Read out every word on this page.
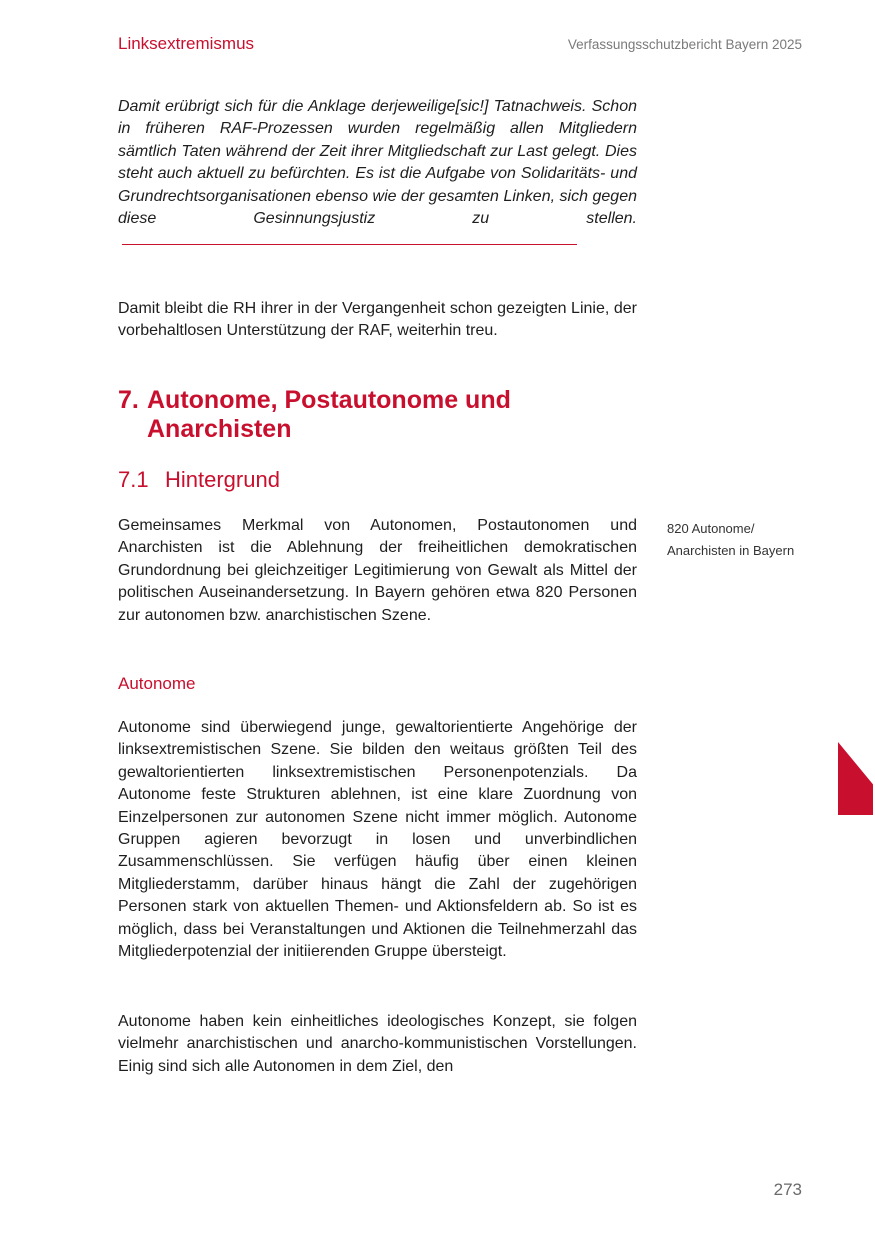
Linksextremismus	Verfassungsschutzbericht Bayern 2025
Damit erübrigt sich für die Anklage derjeweilige[sic!] Tatnachweis. Schon in früheren RAF-Prozessen wurden regelmäßig allen Mitgliedern sämtlich Taten während der Zeit ihrer Mitgliedschaft zur Last gelegt. Dies steht auch aktuell zu befürchten. Es ist die Aufgabe von Solidaritäts- und Grundrechtsorganisationen ebenso wie der gesamten Linken, sich gegen diese Gesinnungsjustiz zu stellen.
Damit bleibt die RH ihrer in der Vergangenheit schon gezeigten Linie, der vorbehaltlosen Unterstützung der RAF, weiterhin treu.
7. Autonome, Postautonome und Anarchisten
7.1 Hintergrund
Gemeinsames Merkmal von Autonomen, Postautonomen und Anarchisten ist die Ablehnung der freiheitlichen demokratischen Grundordnung bei gleichzeitiger Legitimierung von Gewalt als Mittel der politischen Auseinandersetzung. In Bayern gehören etwa 820 Personen zur autonomen bzw. anarchistischen Szene.
820 Autonome/
Anarchisten in Bayern
Autonome
Autonome sind überwiegend junge, gewaltorientierte Angehörige der linksextremistischen Szene. Sie bilden den weitaus größten Teil des gewaltorientierten linksextremistischen Personenpotenzials. Da Autonome feste Strukturen ablehnen, ist eine klare Zuordnung von Einzelpersonen zur autonomen Szene nicht immer möglich. Autonome Gruppen agieren bevorzugt in losen und unverbindlichen Zusammenschlüssen. Sie verfügen häufig über einen kleinen Mitgliederstamm, darüber hinaus hängt die Zahl der zugehörigen Personen stark von aktuellen Themen- und Aktionsfeldern ab. So ist es möglich, dass bei Veranstaltungen und Aktionen die Teilnehmerzahl das Mitgliederpotenzial der initiierenden Gruppe übersteigt.
Autonome haben kein einheitliches ideologisches Konzept, sie folgen vielmehr anarchistischen und anarcho-kommunistischen Vorstellungen. Einig sind sich alle Autonomen in dem Ziel, den
273
